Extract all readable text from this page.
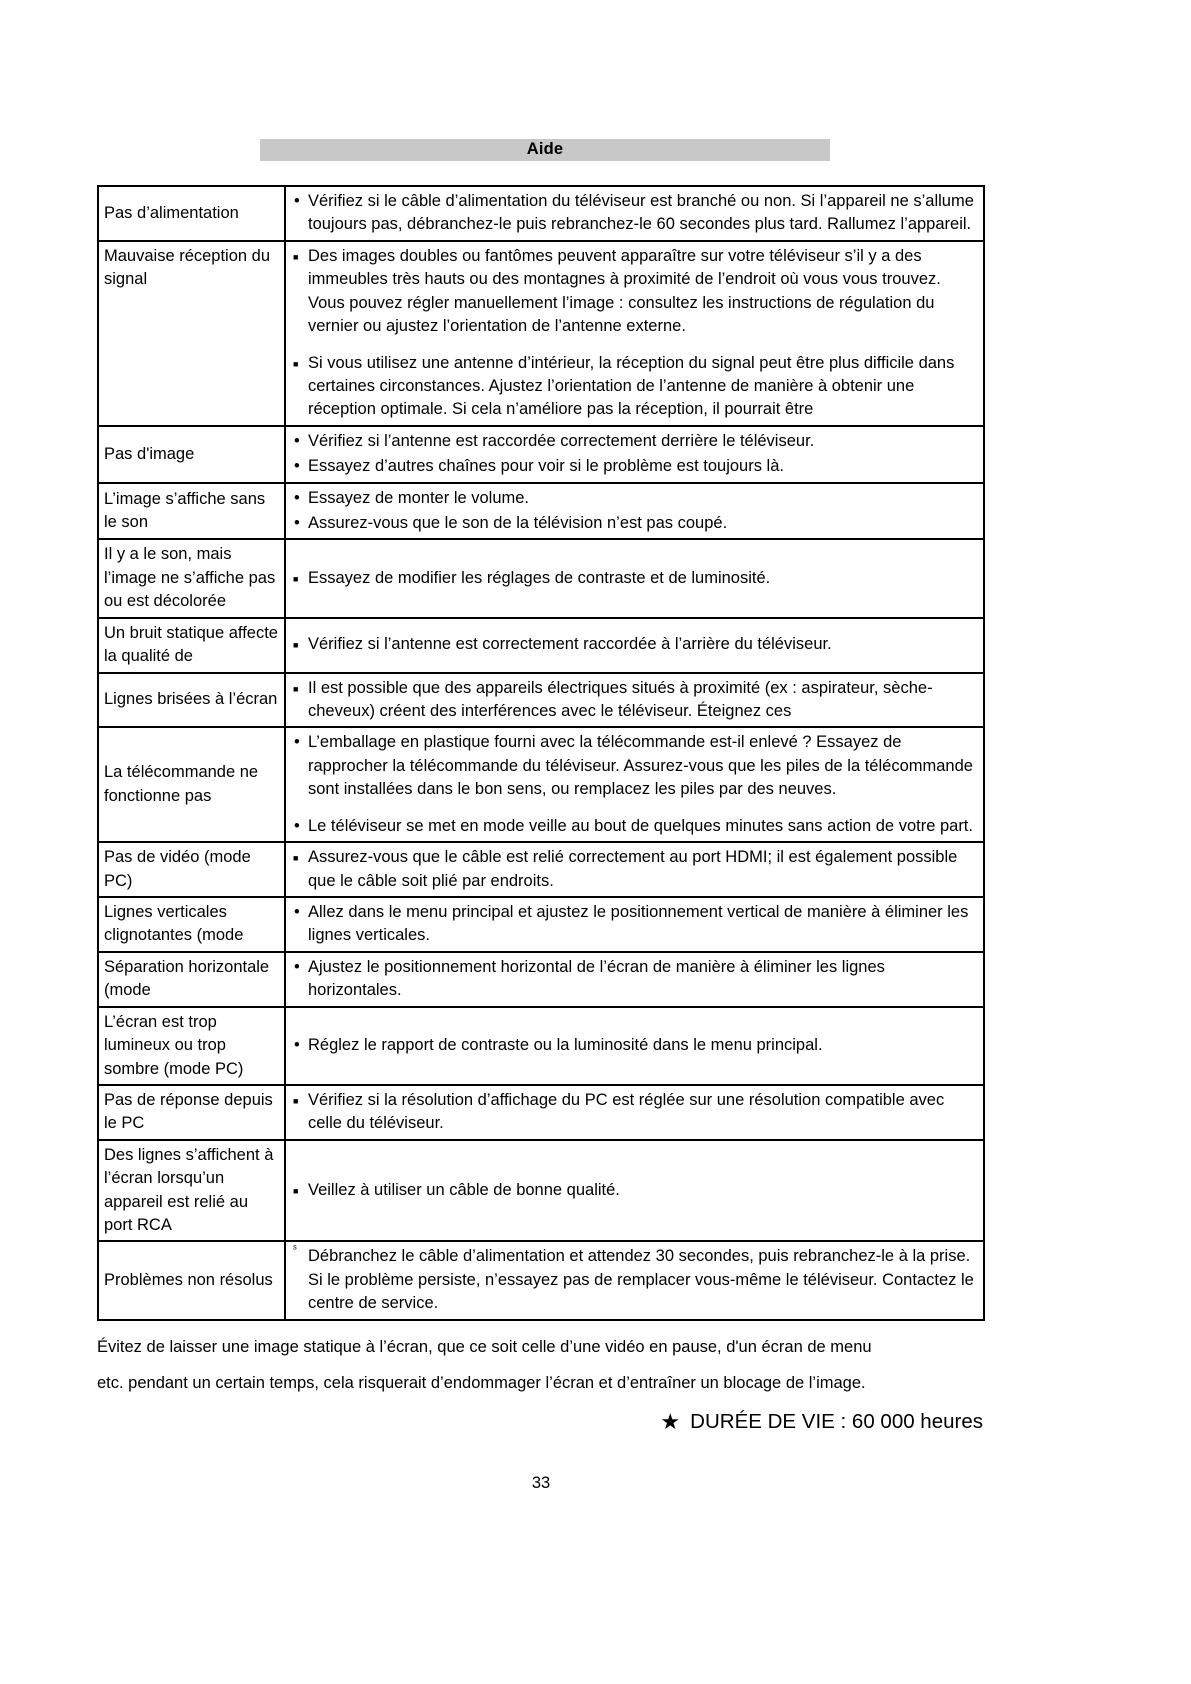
Aide
Pas d’alimentation	• Vérifiez si le câble d’alimentation du téléviseur est branché ou non. Si l’appareil ne s’allume toujours pas, débranchez-le puis rebranchez-le 60 secondes plus tard. Rallumez l’appareil.

Mauvaise réception du signal	■ Des images doubles ou fantômes peuvent apparaître sur votre téléviseur s’il y a des immeubles très hauts ou des montagnes à proximité de l’endroit où vous vous trouvez. Vous pouvez régler manuellement l’image : consultez les instructions de régulation du vernier ou ajustez l’orientation de l’antenne externe.
■ Si vous utilisez une antenne d’intérieur, la réception du signal peut être plus difficile dans certaines circonstances. Ajustez l’orientation de l’antenne de manière à obtenir une réception optimale. Si cela n’améliore pas la réception, il pourrait être

Pas d'image	• Vérifiez si l’antenne est raccordée correctement derrière le téléviseur.
• Essayez d’autres chaînes pour voir si le problème est toujours là.

L’image s’affiche sans le son	• Essayez de monter le volume.
• Assurez-vous que le son de la télévision n’est pas coupé.

Il y a le son, mais l’image ne s’affiche pas ou est décolorée	■ Essayez de modifier les réglages de contraste et de luminosité.

Un bruit statique affecte la qualité de	■ Vérifiez si l’antenne est correctement raccordée à l’arrière du téléviseur.

Lignes brisées à l’écran	■ Il est possible que des appareils électriques situés à proximité (ex : aspirateur, sèche-cheveux) créent des interférences avec le téléviseur. Éteignez ces

La télécommande ne fonctionne pas	• L’emballage en plastique fourni avec la télécommande est-il enlevé ? Essayez de rapprocher la télécommande du téléviseur. Assurez-vous que les piles de la télécommande sont installées dans le bon sens, ou remplacez les piles par des neuves.
• Le téléviseur se met en mode veille au bout de quelques minutes sans action de votre part.

Pas de vidéo (mode PC)	■ Assurez-vous que le câble est relié correctement au port HDMI; il est également possible que le câble soit plié par endroits.

Lignes verticales clignotantes (mode	• Allez dans le menu principal et ajustez le positionnement vertical de manière à éliminer les lignes verticales.

Séparation horizontale (mode	• Ajustez le positionnement horizontal de l’écran de manière à éliminer les lignes horizontales.

L’écran est trop lumineux ou trop sombre (mode PC)	• Réglez le rapport de contraste ou la luminosité dans le menu principal.

Pas de réponse depuis le PC	■ Vérifiez si la résolution d’affichage du PC est réglée sur une résolution compatible avec celle du téléviseur.

Des lignes s’affichent à l’écran lorsqu’un appareil est relié au port RCA	■ Veillez à utiliser un câble de bonne qualité.

Problèmes non résolus	ˢ Débranchez le câble d’alimentation et attendez 30 secondes, puis rebranchez-le à la prise. Si le problème persiste, n’essayez pas de remplacer vous-même le téléviseur. Contactez le centre de service.
Évitez de laisser une image statique à l’écran, que ce soit celle d’une vidéo en pause, d'un écran de menu
etc. pendant un certain temps, cela risquerait d’endommager l’écran et d’entraîner un blocage de l’image.
★ DURÉE DE VIE : 60 000 heures
33
